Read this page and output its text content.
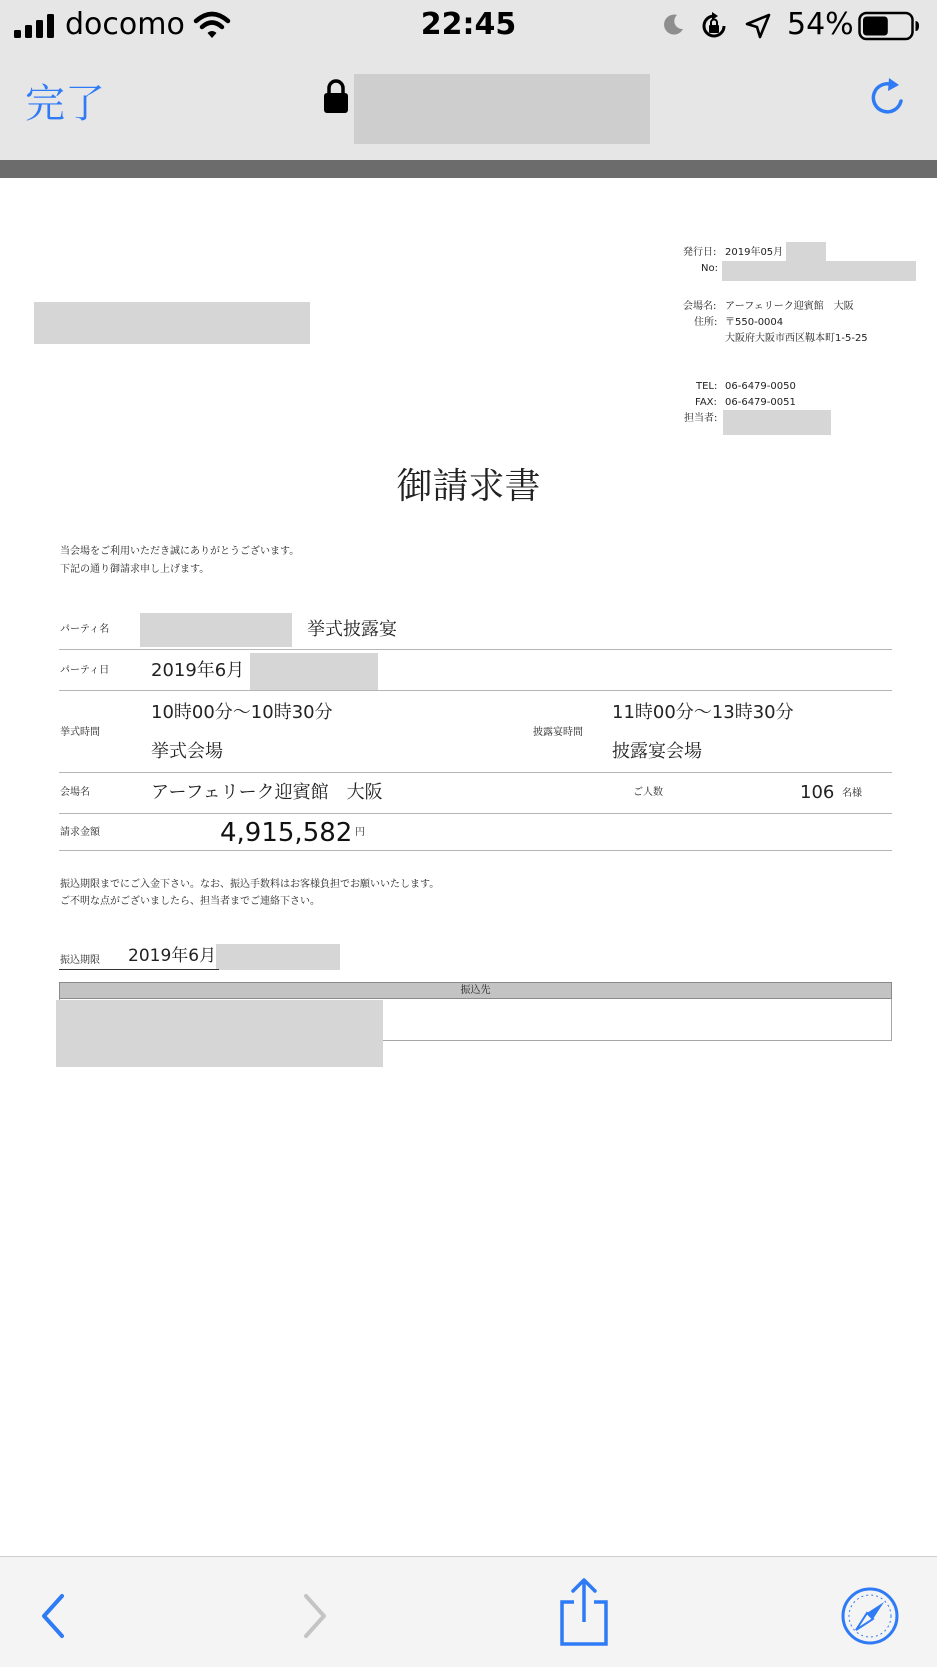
docomo	22:45	54%
完了
発行日: 2019年05月
No:
会場名: アーフェリーク迎賓館　大阪
住所: 〒550-0004
大阪府大阪市西区靱本町1-5-25
TEL: 06-6479-0050
FAX: 06-6479-0051
担当者:
御請求書
当会場をご利用いただき誠にありがとうございます。
下記の通り御請求申し上げます。
パーティ名	挙式披露宴
パーティ日 2019年6月
挙式時間
10時00分～10時30分
挙式会場
披露宴時間
11時00分～13時30分
披露宴会場
会場名	アーフェリーク迎賓館　大阪	ご人数	106 名様
請求金額	4,915,582 円
振込期限までにご入金下さい。なお、振込手数料はお客様負担でお願いいたします。
ご不明な点がございましたら、担当者までご連絡下さい。
振込期限 2019年6月
振込先
